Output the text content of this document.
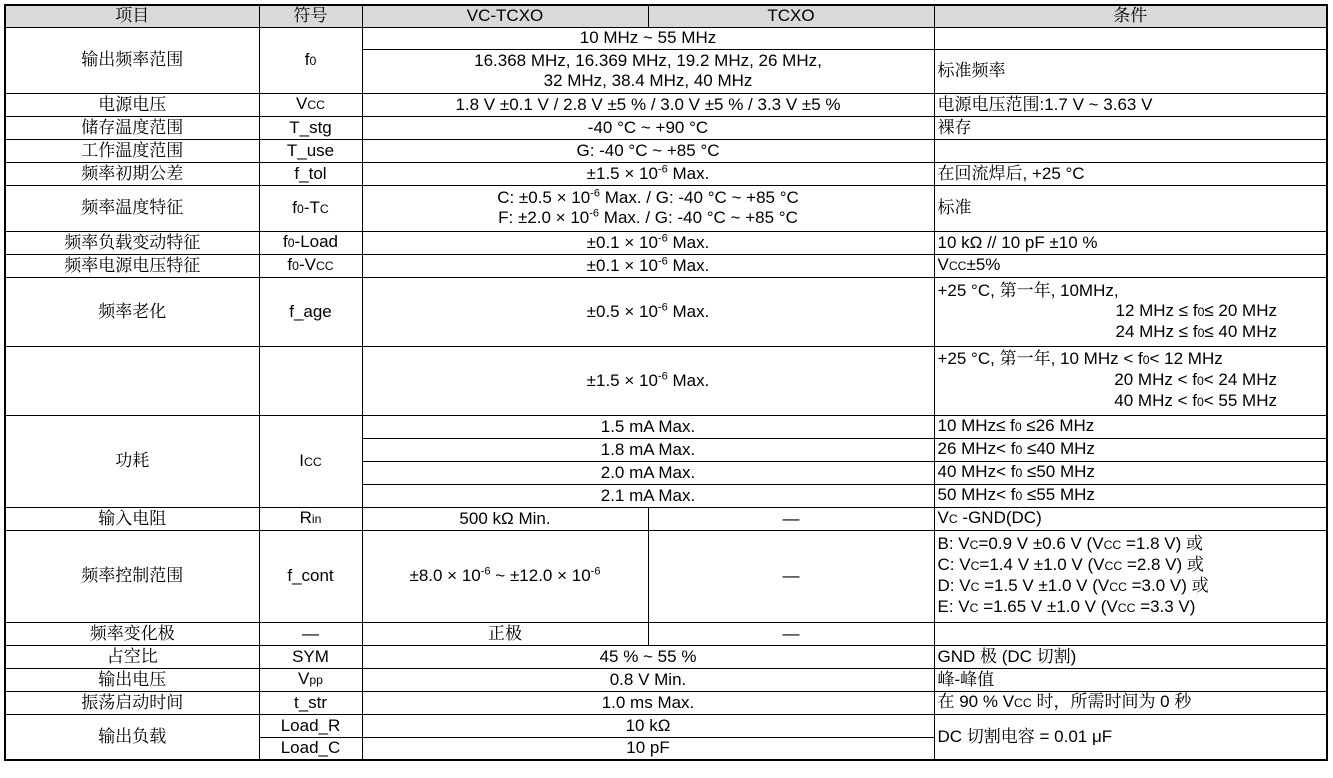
项目	符号	VC-TCXO	TCXO	条件
输出频率范围	f0	10 MHz ~ 55 MHz		

		16.368 MHz, 16.369 MHz, 19.2 MHz, 26 MHz,
32 MHz, 38.4 MHz, 40 MHz		标准频率
电源电压	VCC	1.8 V ±0.1 V / 2.8 V ±5 % / 3.0 V ±5 % / 3.3 V ±5 %		电源电压范围:1.7 V ~ 3.63 V
储存温度范围	T_stg	-40 °C ~ +90 °C		裸存
工作温度范围	T_use	G: -40 °C ~ +85 °C		
频率初期公差	f_tol	$\pm 1.5 \times 10^{-6}$ Max.		在回流焊后, +25 °C
频率温度特征	f0-TC	C: $\pm 0.5 \times 10^{-6}$ Max. / G: -40 °C ~ +85 °C
F: $\pm 2.0 \times 10^{-6}$ Max. / G: -40 °C ~ +85 °C		标准
频率负载变动特征	f0-Load	$\pm 0.1 \times 10^{-6}$ Max.		10 kΩ // 10 pF ±10 %
频率电源电压特征	f0-VCC	$\pm 0.1 \times 10^{-6}$ Max.		VCC±5%
频率老化	f_age	$\pm 0.5 \times 10^{-6}$ Max.		+25 °C, 第一年, 10MHz,
12 MHz ≤ f0≤ 20 MHz
24 MHz ≤ f0≤ 40 MHz

		$\pm 1.5 \times 10^{-6}$ Max.		+25 °C, 第一年, 10 MHz < f0< 12 MHz
20 MHz < f0< 24 MHz
40 MHz < f0< 55 MHz

功耗	ICC	1.5 mA Max.		10 MHz≤ f0 ≤26 MHz
		1.8 mA Max.		26 MHz< f0 ≤40 MHz
		2.0 mA Max.		40 MHz< f0 ≤50 MHz
		2.1 mA Max.		50 MHz< f0 ≤55 MHz
输入电阻	Rin	500 kΩ Min.	—	VC -GND(DC)
频率控制范围	f_cont	$\pm 8.0 \times 10^{-6}$ ~ $\pm 12.0 \times 10^{-6}$	—	B: VC=0.9 V ±0.6 V (VCC =1.8 V) 或
C: VC=1.4 V ±1.0 V (VCC =2.8 V) 或
D: VC =1.5 V ±1.0 V (VCC =3.0 V) 或
E: VC =1.65 V ±1.0 V (VCC =3.3 V)

频率变化极	—	正极	—	
占空比	SYM	45 % ~ 55 %		GND 极 (DC 切割)
输出电压	Vpp	0.8 V Min.		峰-峰值
振荡启动时间	t_str	1.0 ms Max.		在 90 % VCC 时，所需时间为 0 秒
输出负载	Load_R	10 kΩ		DC 切割电容 = 0.01 μF
	Load_C	10 pF		
